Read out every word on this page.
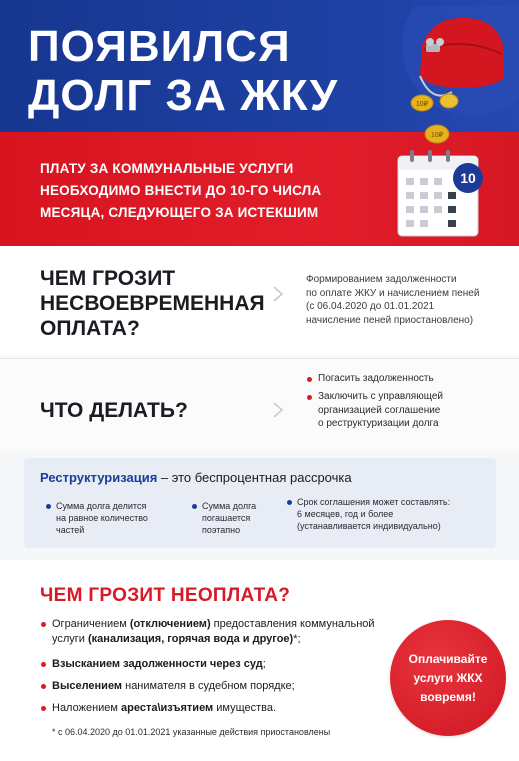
ПОЯВИЛСЯ
ДОЛГ ЗА ЖКУ
ПЛАТУ ЗА КОММУНАЛЬНЫЕ УСЛУГИ
НЕОБХОДИМО ВНЕСТИ ДО 10-ГО ЧИСЛА
МЕСЯЦА, СЛЕДУЮЩЕГО ЗА ИСТЕКШИМ
10₽
10₽
10
ЧЕМ ГРОЗИТ
НЕСВОЕВРЕМЕННАЯ
ОПЛАТА?
Формированием задолженности
по оплате ЖКУ и начислением пеней
(с 06.04.2020 до 01.01.2021
начисление пеней приостановлено)
ЧТО ДЕЛАТЬ?
Погасить задолженность
Заключить с управляющей
организацией соглашение
о реструктуризации долга
Реструктуризация – это беспроцентная рассрочка
Сумма долга делится
на равное количество
частей
Сумма долга
погашается
поэтапно
Срок соглашения может составлять:
6 месяцев, год и более
(устанавливается индивидуально)
ЧЕМ ГРОЗИТ НЕОПЛАТА?
Ограничением (отключением) предоставления коммунальной услуги (канализация, горячая вода и другое)*;
Взысканием задолженности через суд;
Выселением нанимателя в судебном порядке;
Наложением ареста\изъятием имущества.
* с 06.04.2020 до 01.01.2021 указанные действия приостановлены
Оплачивайте
услуги ЖКХ
вовремя!
